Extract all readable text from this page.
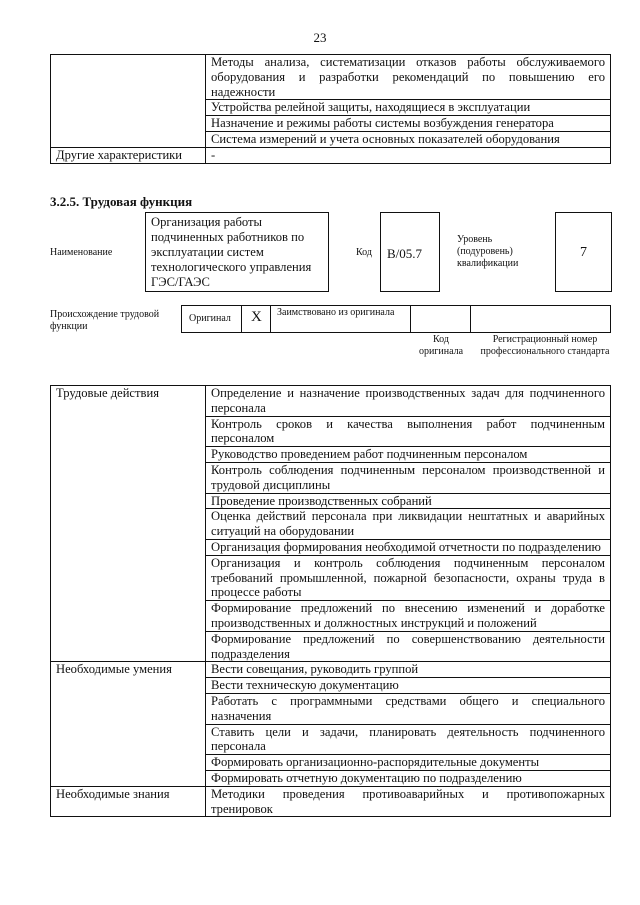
23
	Методы анализа, систематизации отказов работы обслуживаемого оборудования и разработки рекомендаций по повышению его надежности
	Устройства релейной защиты, находящиеся в эксплуатации
	Назначение и режимы работы системы возбуждения генератора
	Система измерений и учета основных показателей оборудования
Другие характеристики	-
3.2.5. Трудовая функция
Наименование
Организация работы подчиненных работников по эксплуатации систем технологического управления ГЭС/ГАЭС
Код	B/05.7
Уровень (подуровень) квалификации
7
Происхождение трудовой функции
Оригинал X Заимствовано из оригинала
Код оригинала
Регистрационный номер профессионального стандарта
Трудовые действия	Определение и назначение производственных задач для подчиненного персонала
	Контроль сроков и качества выполнения работ подчиненным персоналом
	Руководство проведением работ подчиненным персоналом
	Контроль соблюдения подчиненным персоналом производственной и трудовой дисциплины
	Проведение производственных собраний
	Оценка действий персонала при ликвидации нештатных и аварийных ситуаций на оборудовании
	Организация формирования необходимой отчетности по подразделению
	Организация и контроль соблюдения подчиненным персоналом требований промышленной, пожарной безопасности, охраны труда в процессе работы
	Формирование предложений по внесению изменений и доработке производственных и должностных инструкций и положений
	Формирование предложений по совершенствованию деятельности подразделения
Необходимые умения	Вести совещания, руководить группой
	Вести техническую документацию
	Работать с программными средствами общего и специального назначения
	Ставить цели и задачи, планировать деятельность подчиненного персонала
	Формировать организационно-распорядительные документы
	Формировать отчетную документацию по подразделению
Необходимые знания	Методики проведения противоаварийных и противопожарных тренировок
